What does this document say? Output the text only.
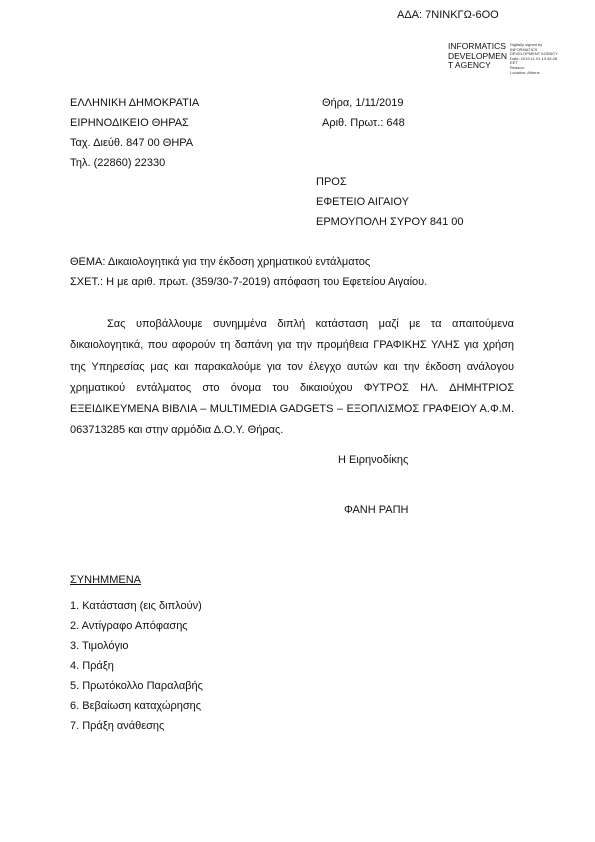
ΑΔΑ: 7ΝΙΝΚΓΩ-6ΟΟ
INFORMATICS
DEVELOPMEN
T AGENCY
Digitally signed by
INFORMATICS
DEVELOPMENT AGENCY
Date: 2019.11.01 13:45:28
EET
Reason:
Location: Athens
ΕΛΛΗΝΙΚΗ ΔΗΜΟΚΡΑΤΙΑ
ΕΙΡΗΝΟΔΙΚΕΙΟ ΘΗΡΑΣ
Ταχ. Διεύθ. 847 00 ΘΗΡΑ
Τηλ. (22860) 22330
Θήρα, 1/11/2019
Αριθ. Πρωτ.: 648
ΠΡΟΣ
ΕΦΕΤΕΙΟ ΑΙΓΑΙΟΥ
ΕΡΜΟΥΠΟΛΗ ΣΥΡΟΥ 841 00
ΘΕΜΑ: Δικαιολογητικά για την έκδοση χρηματικού εντάλματος
ΣΧΕΤ.: Η με αριθ. πρωτ. (359/30-7-2019) απόφαση του Εφετείου Αιγαίου.

Σας υποβάλλουμε συνημμένα διπλή κατάσταση μαζί με τα απαιτούμενα δικαιολογητικά, που αφορούν τη δαπάνη για την προμήθεια ΓΡΑΦΙΚΗΣ ΥΛΗΣ για χρήση της Υπηρεσίας μας και παρακαλούμε για τον έλεγχο αυτών και την έκδοση ανάλογου χρηματικού εντάλματος στο όνομα του δικαιούχου ΦΥΤΡΟΣ ΗΛ. ΔΗΜΗΤΡΙΟΣ ΕΞΕΙΔΙΚΕΥΜΕΝΑ ΒΙΒΛΙΑ – MULTIMEDIA GADGETS – ΕΞΟΠΛΙΣΜΟΣ ΓΡΑΦΕΙΟΥ Α.Φ.Μ. 063713285 και στην αρμόδια Δ.Ο.Υ. Θήρας.

Η Ειρηνοδίκης
ΦΑΝΗ ΡΑΠΗ
ΣΥΝΗΜΜΕΝΑ
1. Κατάσταση (εις διπλούν)
2. Αντίγραφο Απόφασης
3. Τιμολόγιο
4. Πράξη
5. Πρωτόκολλο Παραλαβής
6. Βεβαίωση καταχώρησης
7. Πράξη ανάθεσης
